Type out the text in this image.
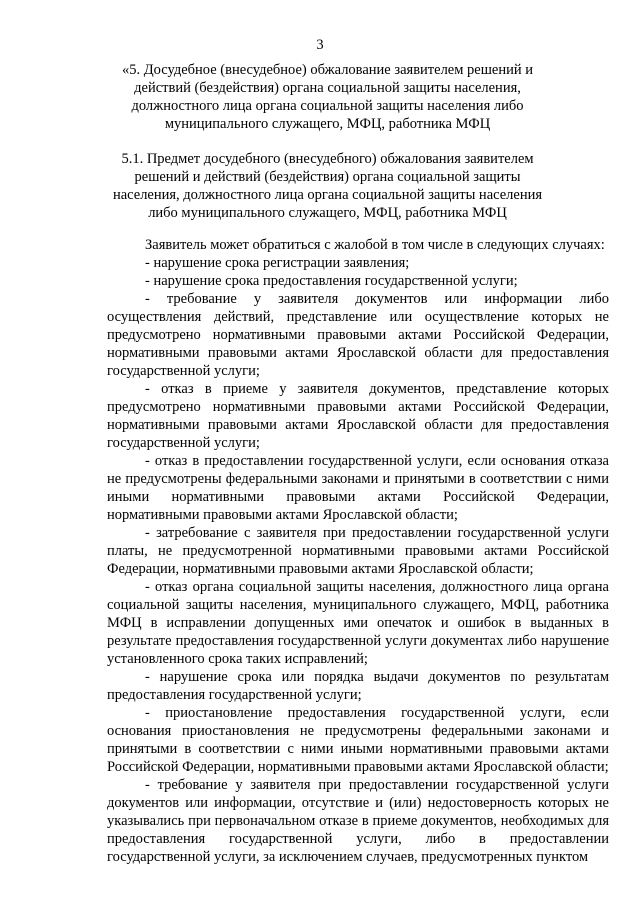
3
«5. Досудебное (внесудебное) обжалование заявителем решений и действий (бездействия) органа социальной защиты населения, должностного лица органа социальной защиты населения либо муниципального служащего, МФЦ, работника МФЦ
5.1. Предмет досудебного (внесудебного) обжалования заявителем решений и действий (бездействия) органа социальной защиты населения, должностного лица органа социальной защиты населения либо муниципального служащего, МФЦ, работника МФЦ

Заявитель может обратиться с жалобой в том числе в следующих случаях:

- нарушение срока регистрации заявления;

- нарушение срока предоставления государственной услуги;

- требование у заявителя документов или информации либо осуществления действий, представление или осуществление которых не предусмотрено нормативными правовыми актами Российской Федерации, нормативными правовыми актами Ярославской области для предоставления государственной услуги;

- отказ в приеме у заявителя документов, представление которых предусмотрено нормативными правовыми актами Российской Федерации, нормативными правовыми актами Ярославской области для предоставления государственной услуги;

- отказ в предоставлении государственной услуги, если основания отказа не предусмотрены федеральными законами и принятыми в соответствии с ними иными нормативными правовыми актами Российской Федерации, нормативными правовыми актами Ярославской области;

- затребование с заявителя при предоставлении государственной услуги платы, не предусмотренной нормативными правовыми актами Российской Федерации, нормативными правовыми актами Ярославской области;

- отказ органа социальной защиты населения, должностного лица органа социальной защиты населения, муниципального служащего, МФЦ, работника МФЦ в исправлении допущенных ими опечаток и ошибок в выданных в результате предоставления государственной услуги документах либо нарушение установленного срока таких исправлений;

- нарушение срока или порядка выдачи документов по результатам предоставления государственной услуги;

- приостановление предоставления государственной услуги, если основания приостановления не предусмотрены федеральными законами и принятыми в соответствии с ними иными нормативными правовыми актами Российской Федерации, нормативными правовыми актами Ярославской области;

- требование у заявителя при предоставлении государственной услуги документов или информации, отсутствие и (или) недостоверность которых не указывались при первоначальном отказе в приеме документов, необходимых для предоставления государственной услуги, либо в предоставлении государственной услуги, за исключением случаев, предусмотренных пунктом
